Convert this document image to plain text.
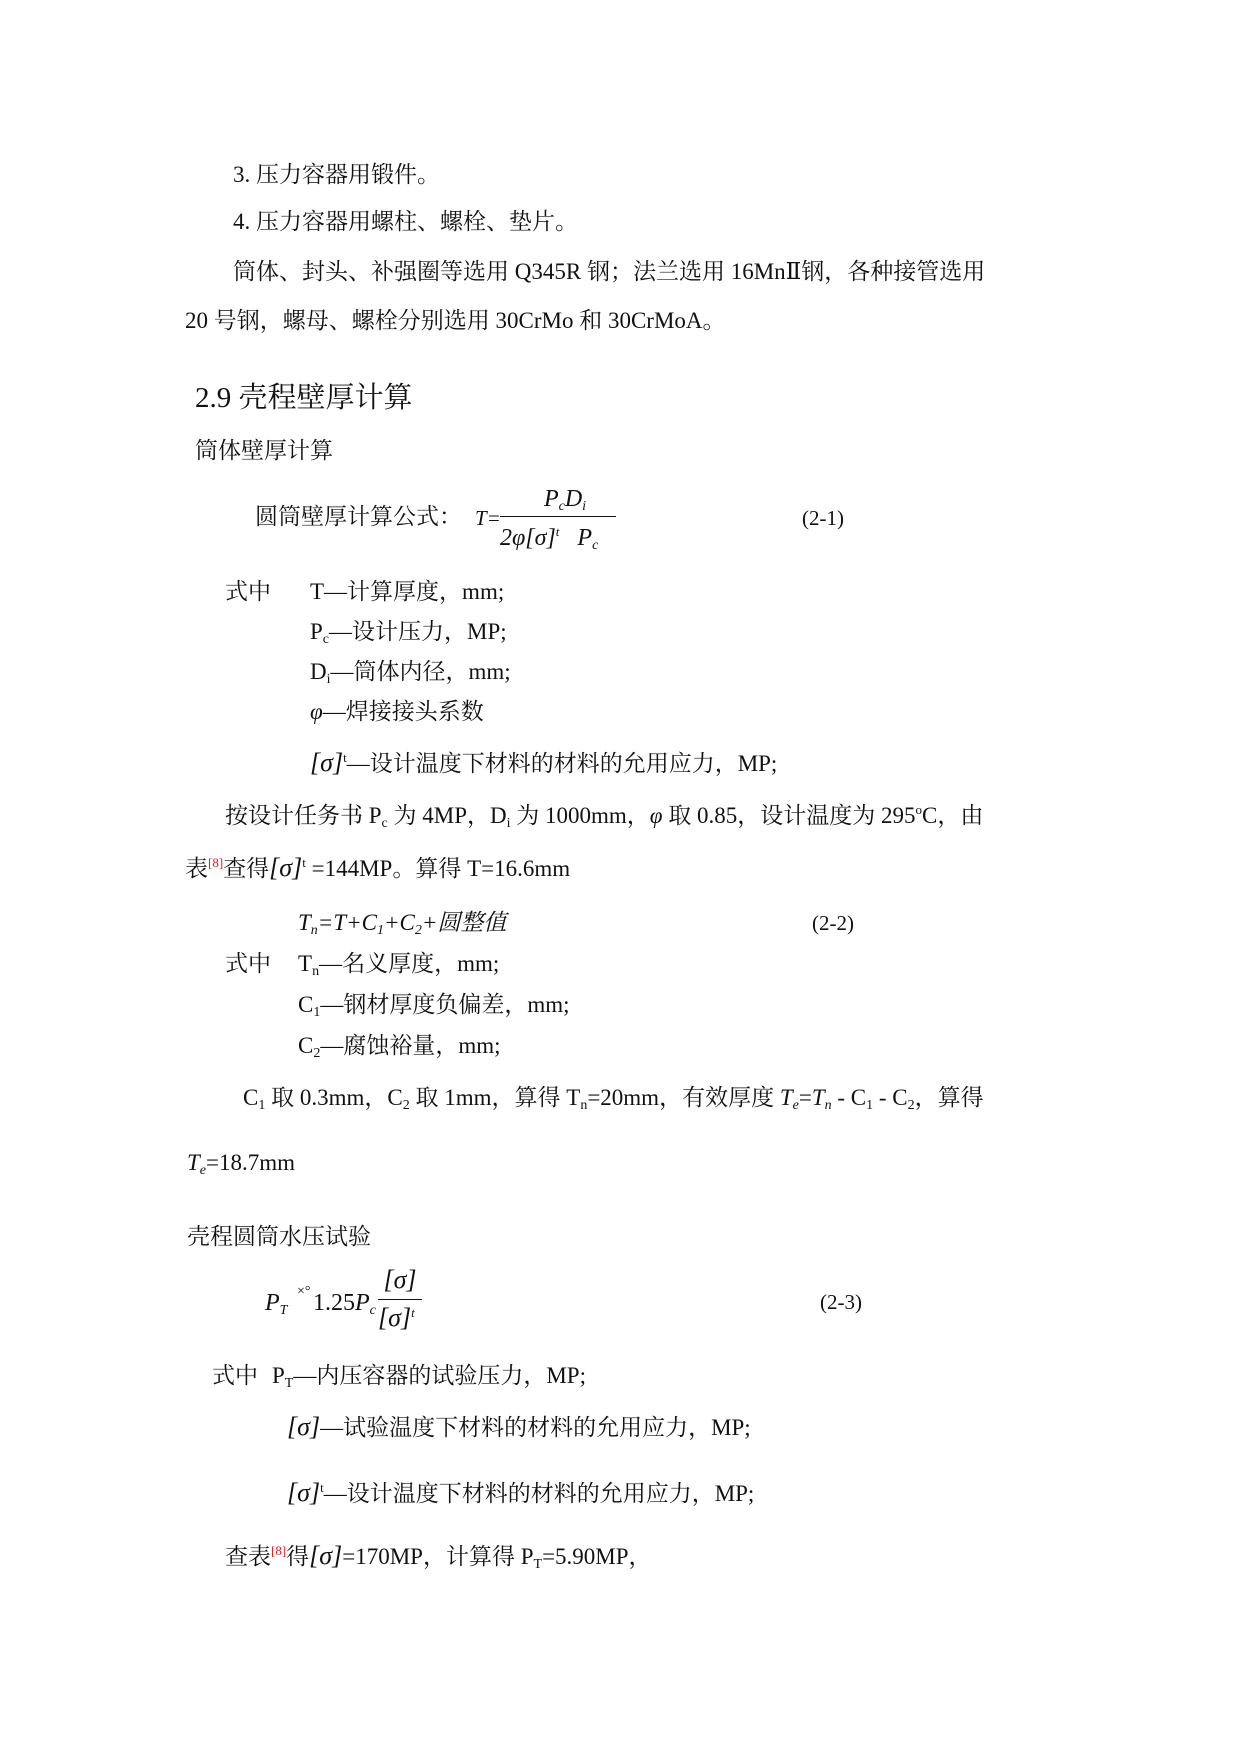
3. 压力容器用锻件。
4. 压力容器用螺柱、螺栓、垫片。
筒体、封头、补强圈等选用 Q345R 钢；法兰选用 16MnⅡ钢，各种接管选用
20 号钢，螺母、螺栓分别选用 30CrMo 和 30CrMoA。
2.9 壳程壁厚计算
筒体壁厚计算
圆筒壁厚计算公式： T=
$P_cD_i$
$2\varphi[\sigma]^t$ $P_c$
(2-1)
式中 T—计算厚度，mm;
$P_c—$设计压力，MP;
$D_i—$筒体内径，mm;
φ—焊接接头系数
$[\sigma]^t—$设计温度下材料的材料的允用应力，MP;
按设计任务书 $P_c$ 为 4MP，$D_i$ 为 1000mm，φ 取 0.85，设计温度为 295$^o$C，由
表[8]查得$[\sigma]^t =144MP$。算得 T=16.6mm
$T_n=T+C_1+C_2+$圆整值	(2-2)
式中 $T_n—$名义厚度，mm;
$C_1—$钢材厚度负偏差，mm;
$C_2—$腐蚀裕量，mm;
$C_1$ 取 0.3mm，$C_2$ 取 1mm，算得 $T_n=20mm$，有效厚度 $T_e=T_n - C_1 - C_2$，算得
$T_e=18.7mm$
壳程圆筒水压试验
$P_T$
×° $1.25P_c$
[σ]
$[\sigma]^t$	(2-3)
式中 $P_T—$内压容器的试验压力，MP;
[σ]—试验温度下材料的材料的允用应力，MP;
$[\sigma]^t—$设计温度下材料的材料的允用应力，MP;
查表[8]得[σ]=170MP，计算得 $P_T=5.90MP$，
